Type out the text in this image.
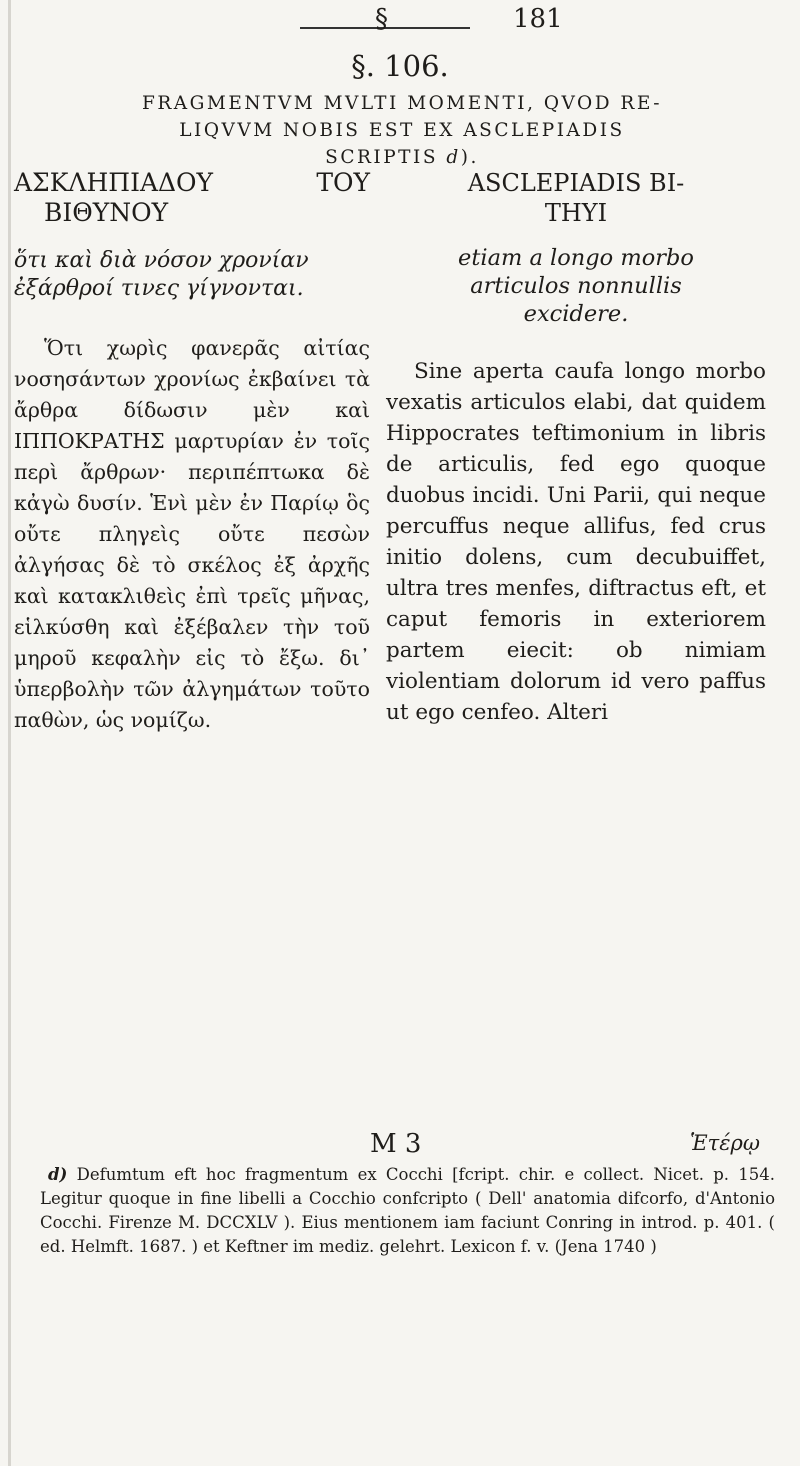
§	181
§. 106.
FRAGMENTVM MVLTI MOMENTI, QVOD RE-
LIQVVM NOBIS EST EX ASCLEPIADIS
SCRIPTIS d).
ΑΣΚΛΗΠΙΑΔΟΥ	ΤΟΥ
ΒΙΘΥΝΟΥ

ὅτι καὶ διὰ νόσον χρονίαν ἐξάρθροί τινες γίγνονται.

Ὅτι χωρὶς φανερᾶς αἰτίας νοσησάντων χρονίως ἐκβαίνει τὰ ἄρθρα δίδωσιν μὲν καὶ ΙΠΠΟΚΡΑΤΗΣ μαρτυρίαν ἐν τοῖς περὶ ἄρθρων· περιπέπτωκα δὲ κἀγὼ δυσίν. Ἑνὶ μὲν ἐν Παρίῳ ὃς οὔτε πληγεὶς οὔτε πεσὼν ἀλγήσας δὲ τὸ σκέλος ἐξ ἀρχῆς καὶ κατακλιθεὶς ἐπὶ τρεῖς μῆνας, εἱλκύσθη καὶ ἐξέβαλεν τὴν τοῦ μηροῦ κεφαλὴν εἰς τὸ ἔξω. δι᾽ ὑπερβολὴν τῶν ἀλγημάτων τοῦτο παθὼν, ὡς νομίζω.

ASCLEPIADIS BI-
THYI
etiam a longo morbo
articulos nonnullis
excidere.

Sine aperta caufa longo morbo vexatis articulos elabi, dat quidem Hippocrates teftimonium in libris de articulis, fed ego quoque duobus incidi. Uni Parii, qui neque percuffus neque allifus, fed crus initio dolens, cum decubuiffet, ultra tres menfes, diftractus eft, et caput femoris in exteriorem partem eiecit: ob nimiam violentiam dolorum id vero paffus ut ego cenfeo. Alteri

M 3	Ἑτέρῳ
d) Defumtum eft hoc fragmentum ex Cocchi [fcript. chir. e collect. Nicet. p. 154. Legitur quoque in fine libelli a Cocchio confcripto ( Dell' anatomia difcorfo, d'Antonio Cocchi. Firenze M. DCCXLV ). Eius mentionem iam faciunt Conring in introd. p. 401. ( ed. Helmft. 1687. ) et Keftner im mediz. gelehrt. Lexicon f. v. (Jena 1740 )
